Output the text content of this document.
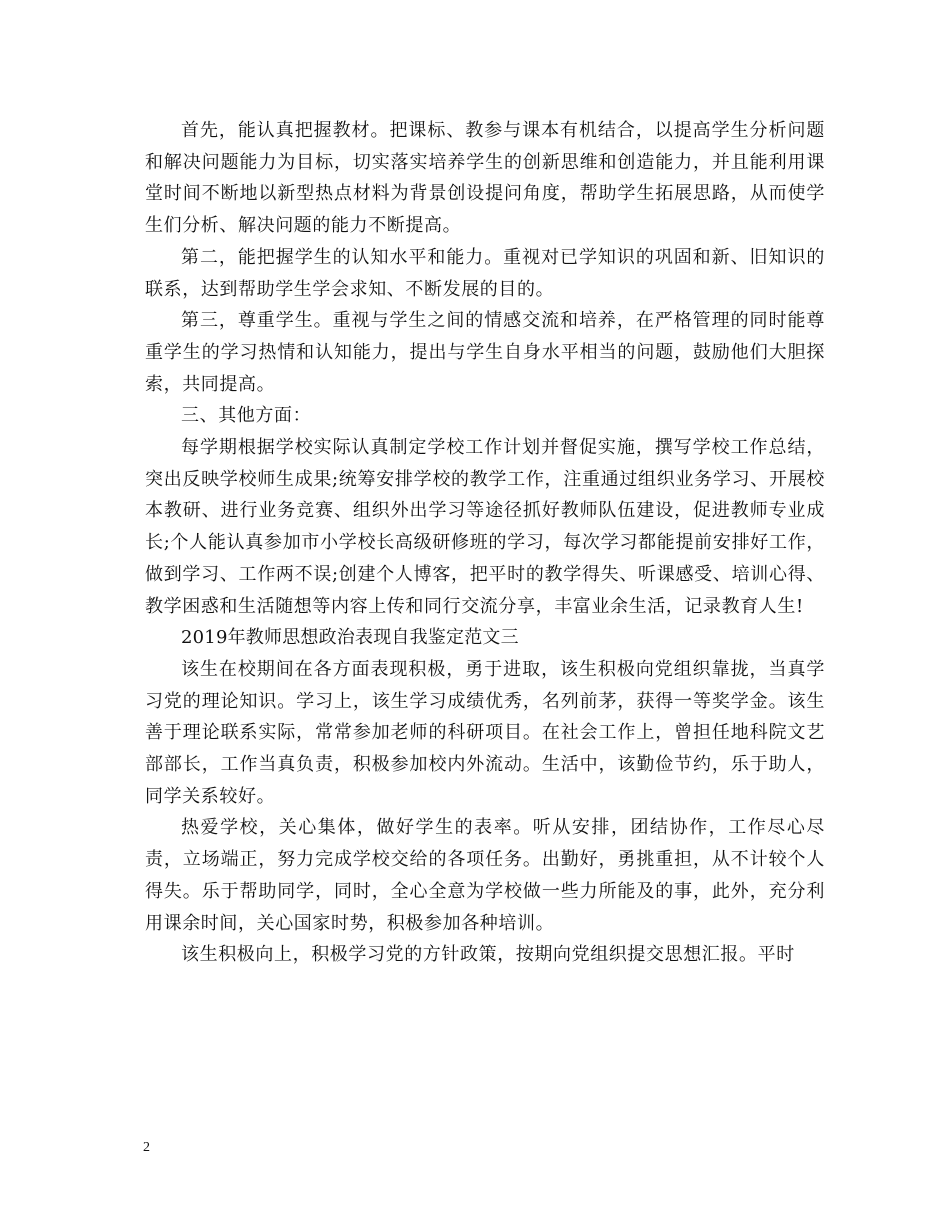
首先，能认真把握教材。把课标、教参与课本有机结合，以提高学生分析问题和解决问题能力为目标，切实落实培养学生的创新思维和创造能力，并且能利用课堂时间不断地以新型热点材料为背景创设提问角度，帮助学生拓展思路，从而使学生们分析、解决问题的能力不断提高。

第二，能把握学生的认知水平和能力。重视对已学知识的巩固和新、旧知识的联系，达到帮助学生学会求知、不断发展的目的。

第三，尊重学生。重视与学生之间的情感交流和培养，在严格管理的同时能尊重学生的学习热情和认知能力，提出与学生自身水平相当的问题，鼓励他们大胆探索，共同提高。

三、其他方面：

每学期根据学校实际认真制定学校工作计划并督促实施，撰写学校工作总结，突出反映学校师生成果;统筹安排学校的教学工作，注重通过组织业务学习、开展校本教研、进行业务竞赛、组织外出学习等途径抓好教师队伍建设，促进教师专业成长;个人能认真参加市小学校长高级研修班的学习，每次学习都能提前安排好工作，做到学习、工作两不误;创建个人博客，把平时的教学得失、听课感受、培训心得、教学困惑和生活随想等内容上传和同行交流分享，丰富业余生活，记录教育人生!

2019年教师思想政治表现自我鉴定范文三

该生在校期间在各方面表现积极，勇于进取，该生积极向党组织靠拢，当真学习党的理论知识。学习上，该生学习成绩优秀，名列前茅，获得一等奖学金。该生善于理论联系实际，常常参加老师的科研项目。在社会工作上，曾担任地科院文艺部部长，工作当真负责，积极参加校内外流动。生活中，该勤俭节约，乐于助人，同学关系较好。

热爱学校，关心集体，做好学生的表率。听从安排，团结协作，工作尽心尽责，立场端正，努力完成学校交给的各项任务。出勤好，勇挑重担，从不计较个人得失。乐于帮助同学，同时，全心全意为学校做一些力所能及的事，此外，充分利用课余时间，关心国家时势，积极参加各种培训。

该生积极向上，积极学习党的方针政策，按期向党组织提交思想汇报。平时

2
